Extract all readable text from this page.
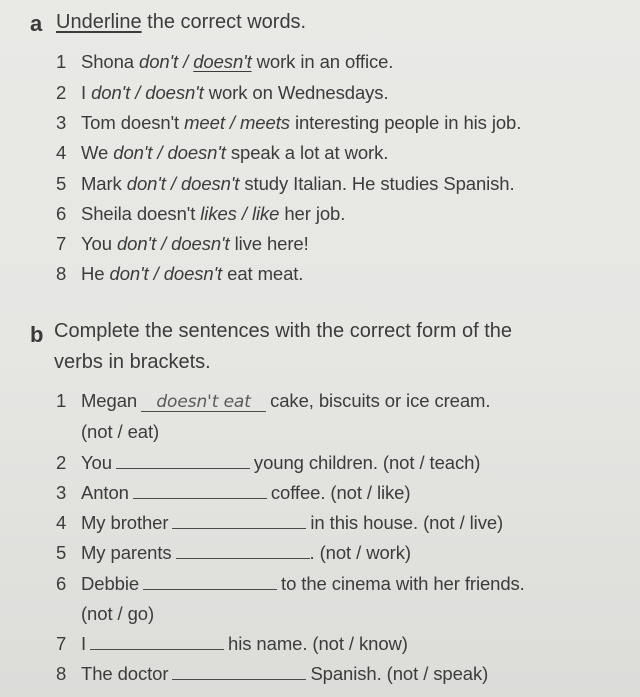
a Underline the correct words.
1 Shona don't / doesn't work in an office.
2 I don't / doesn't work on Wednesdays.
3 Tom doesn't meet / meets interesting people in his job.
4 We don't / doesn't speak a lot at work.
5 Mark don't / doesn't study Italian. He studies Spanish.
6 Sheila doesn't likes / like her job.
7 You don't / doesn't live here!
8 He don't / doesn't eat meat.
b Complete the sentences with the correct form of the
verbs in brackets.
1 Megan doesn't eat cake, biscuits or ice cream.
(not / eat)
2 You	young children. (not / teach)
3 Anton	coffee. (not / like)
4 My brother	in this house. (not / live)
5 My parents	. (not / work)
6 Debbie	to the cinema with her friends.
(not / go)
7 I	his name. (not / know)
8 The doctor	Spanish. (not / speak)
